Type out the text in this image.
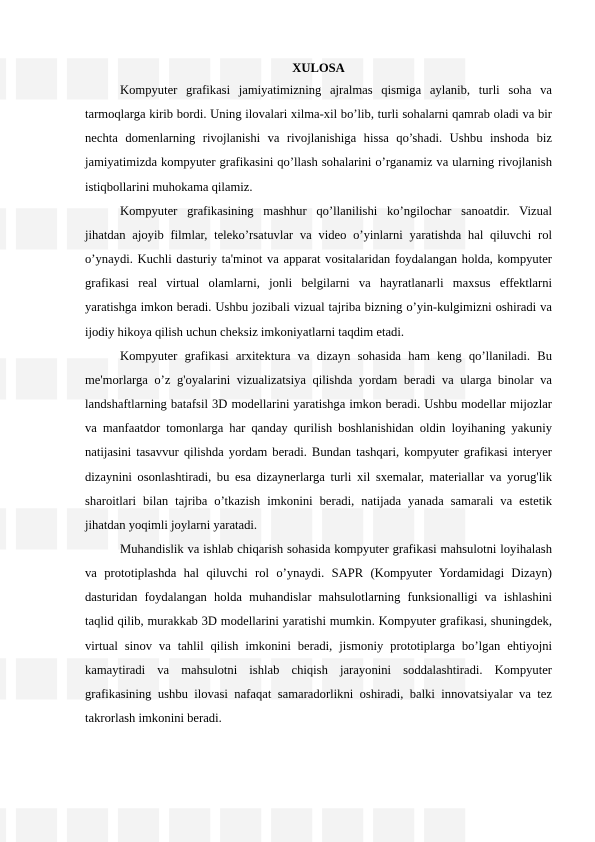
XULOSA

Kompyuter grafikasi jamiyatimizning ajralmas qismiga aylanib, turli soha va tarmoqlarga kirib bordi. Uning ilovalari xilma-xil bo’lib, turli sohalarni qamrab oladi va bir nechta domenlarning rivojlanishi va rivojlanishiga hissa qo’shadi. Ushbu inshoda biz jamiyatimizda kompyuter grafikasini qo’llash sohalarini o’rganamiz va ularning rivojlanish istiqbollarini muhokama qilamiz.

Kompyuter grafikasining mashhur qo’llanilishi ko’ngilochar sanoatdir. Vizual jihatdan ajoyib filmlar, teleko’rsatuvlar va video o’yinlarni yaratishda hal qiluvchi rol o’ynaydi. Kuchli dasturiy ta'minot va apparat vositalaridan foydalangan holda, kompyuter grafikasi real virtual olamlarni, jonli belgilarni va hayratlanarli maxsus effektlarni yaratishga imkon beradi. Ushbu jozibali vizual tajriba bizning o’yin-kulgimizni oshiradi va ijodiy hikoya qilish uchun cheksiz imkoniyatlarni taqdim etadi.

Kompyuter grafikasi arxitektura va dizayn sohasida ham keng qo’llaniladi. Bu me'morlarga o’z g'oyalarini vizualizatsiya qilishda yordam beradi va ularga binolar va landshaftlarning batafsil 3D modellarini yaratishga imkon beradi. Ushbu modellar mijozlar va manfaatdor tomonlarga har qanday qurilish boshlanishidan oldin loyihaning yakuniy natijasini tasavvur qilishda yordam beradi. Bundan tashqari, kompyuter grafikasi interyer dizaynini osonlashtiradi, bu esa dizaynerlarga turli xil sxemalar, materiallar va yorug'lik sharoitlari bilan tajriba o’tkazish imkonini beradi, natijada yanada samarali va estetik jihatdan yoqimli joylarni yaratadi.

Muhandislik va ishlab chiqarish sohasida kompyuter grafikasi mahsulotni loyihalash va prototiplashda hal qiluvchi rol o’ynaydi. SAPR (Kompyuter Yordamidagi Dizayn) dasturidan foydalangan holda muhandislar mahsulotlarning funksionalligi va ishlashini taqlid qilib, murakkab 3D modellarini yaratishi mumkin. Kompyuter grafikasi, shuningdek, virtual sinov va tahlil qilish imkonini beradi, jismoniy prototiplarga bo’lgan ehtiyojni kamaytiradi va mahsulotni ishlab chiqish jarayonini soddalashtiradi. Kompyuter grafikasining ushbu ilovasi nafaqat samaradorlikni oshiradi, balki innovatsiyalar va tez takrorlash imkonini beradi.
